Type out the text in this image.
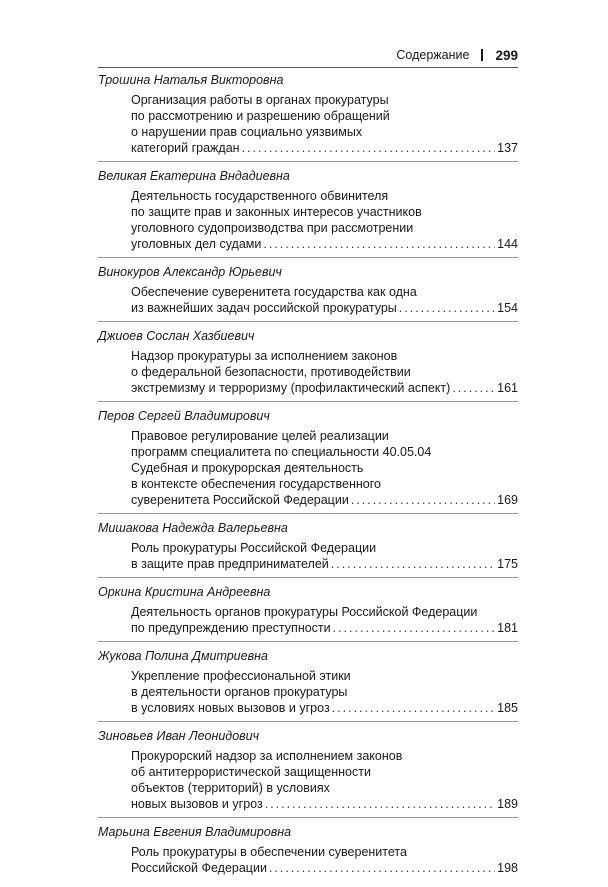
Содержание 299
Трошина Наталья Викторовна
Организация работы в органах прокуратуры
по рассмотрению и разрешению обращений
о нарушении прав социально уязвимых
категорий граждан .....	137
Великая Екатерина Вндадиевна
Деятельность государственного обвинителя
по защите прав и законных интересов участников
уголовного судопроизводства при рассмотрении
уголовных дел судами .....	144
Винокуров Александр Юрьевич
Обеспечение суверенитета государства как одна
из важнейших задач российской прокуратуры .....	154
Джиоев Сослан Хазбиевич
Надзор прокуратуры за исполнением законов
о федеральной безопасности, противодействии
экстремизму и терроризму (профилактический аспект) .....	161
Перов Сергей Владимирович
Правовое регулирование целей реализации
программ специалитета по специальности 40.05.04
Судебная и прокурорская деятельность
в контексте обеспечения государственного
суверенитета Российской Федерации .....	169
Мишакова Надежда Валерьевна
Роль прокуратуры Российской Федерации
в защите прав предпринимателей .....	175
Оркина Кристина Андреевна
Деятельность органов прокуратуры Российской Федерации
по предупреждению преступности .....	181
Жукова Полина Дмитриевна
Укрепление профессиональной этики
в деятельности органов прокуратуры
в условиях новых вызовов и угроз .....	185
Зиновьев Иван Леонидович
Прокурорский надзор за исполнением законов
об антитеррористической защищенности
объектов (территорий) в условиях
новых вызовов и угроз .....	189
Марьина Евгения Владимировна
Роль прокуратуры в обеспечении суверенитета
Российской Федерации .....	198
